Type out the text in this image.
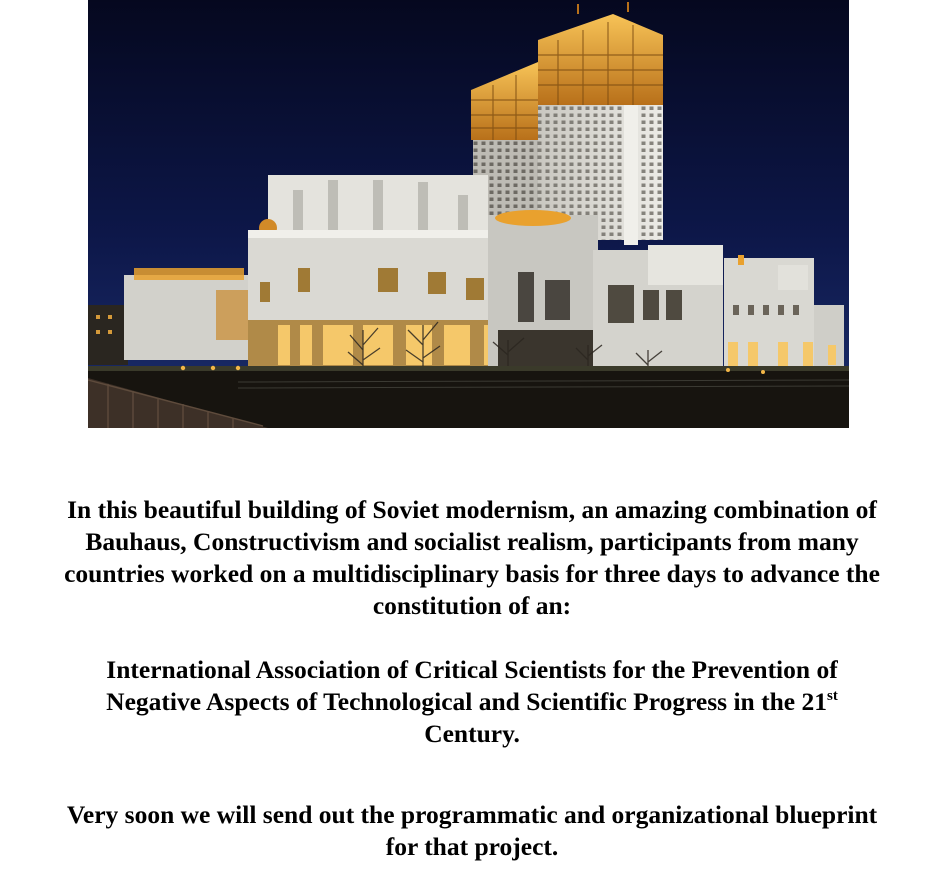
In this beautiful building of Soviet modernism, an amazing combination of Bauhaus, Constructivism and socialist realism, participants from many countries worked on a multidisciplinary basis for three days to advance the constitution of an:

International Association of Critical Scientists for the Prevention of Negative Aspects of Technological and Scientific Progress in the 21st Century.

Very soon we will send out the programmatic and organizational blueprint for that project.
